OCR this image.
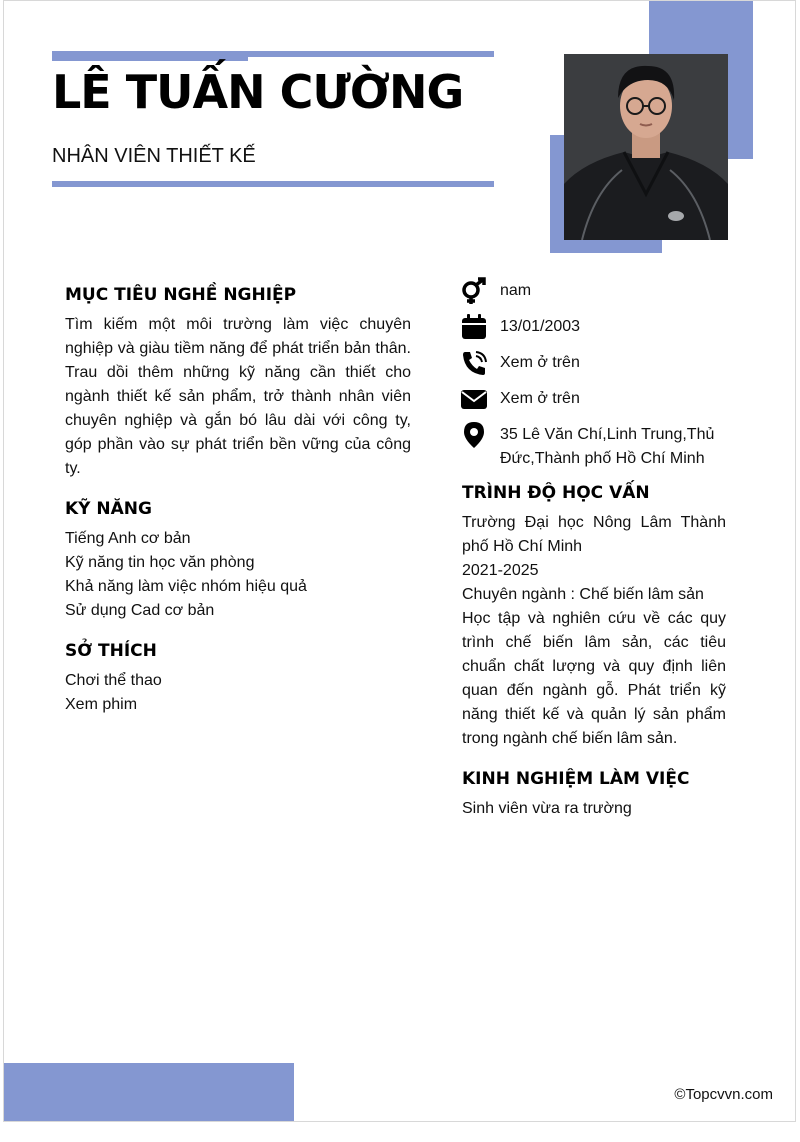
LÊ TUẤN CƯỜNG

NHÂN VIÊN THIẾT KẾ

nam
13/01/2003
Xem ở trên
Xem ở trên
35 Lê Văn Chí,Linh Trung,Thủ Đức,Thành phố Hồ Chí Minh
MỤC TIÊU NGHỀ NGHIỆP

Tìm kiếm một môi trường làm việc chuyên nghiệp và giàu tiềm năng để phát triển bản thân. Trau dồi thêm những kỹ năng cần thiết cho ngành thiết kế sản phẩm, trở thành nhân viên chuyên nghiệp và gắn bó lâu dài với công ty, góp phần vào sự phát triển bền vững của công ty.

KỸ NĂNG
Tiếng Anh cơ bản
Kỹ năng tin học văn phòng
Khả năng làm việc nhóm hiệu quả
Sử dụng Cad cơ bản
SỞ THÍCH
Chơi thể thao
Xem phim
TRÌNH ĐỘ HỌC VẤN

Trường Đại học Nông Lâm Thành phố Hồ Chí Minh

2021-2025

Chuyên ngành : Chế biến lâm sản

Học tập và nghiên cứu về các quy trình chế biến lâm sản, các tiêu chuẩn chất lượng và quy định liên quan đến ngành gỗ. Phát triển kỹ năng thiết kế và quản lý sản phẩm trong ngành chế biến lâm sản.

KINH NGHIỆM LÀM VIỆC

Sinh viên vừa ra trường

©Topcvvn.com
